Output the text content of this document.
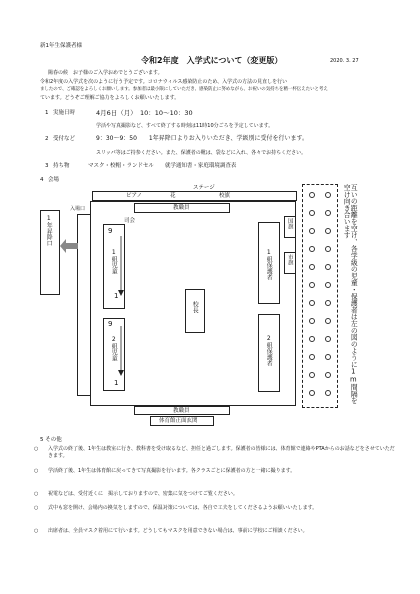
新1年生保護者様
令和2年度　入学式について（変更版）	2020. 3. 27
陽春の候　お子様のご入学おめでとうございます。
令和2年度の入学式を次のように行う予定です。コロナウィルス感染防止のため、入学式の方法の見直しを行い
ましたので、ご確認をよろしくお願いします。参加者は最小限にしていただき、感染防止に努めながら、お祝いの気持ちを精一杯伝えたいと考え
ています。どうぞご理解ご協力をよろしくお願いいたします。
1 実施日時	4月6日（月）　10：10～10：30
学活や写真撮影など、すべて終了する時刻は11時10分ごろを予定しています。
2 受付など	9：30～9：50　　1年昇降口よりお入りいただき、学級別に受付を行います。
スリッパ等はご持参ください。また、保護者の靴は、袋などに入れ、各々でお持ちください。
3 持ち物	マスク・校帽・ランドセル　　就学通知書・家庭環境調査表
4 会場
ステージ
ピアノ	花	校旗
入場口
1年昇降口
教職員
司会
9
1組児童
1
9
2組児童
1
校長
1組保護者
2組保護者
国旗
市旗
教職員
体育館正面玄関
互いの距離を空け、各学級の児童・保護者は左の図のように1m間隔を空け向き合います
5 その他
○ 入学式の終了後、1年生は教室に行き、教科書を受け取るなど、担任と過ごします。保護者の皆様には、体育館で連絡やPTAからのお話などをさせていただきます。
○ 学活終了後、1年生は体育館に戻ってきて写真撮影を行います。各クラスごとに保護者の方と一緒に撮ります。
○ 祝電などは、受付近くに　掲示しておりますので、密集に気をつけてご覧ください。
○ 式中も窓を開け、会場内の換気をしますので、保温対策については、各自で工夫をしてくださるようお願いいたします。
○ 出席者は、全員マスク着用にて行います。どうしてもマスクを用意できない場合は、事前に学校にご相談ください。
